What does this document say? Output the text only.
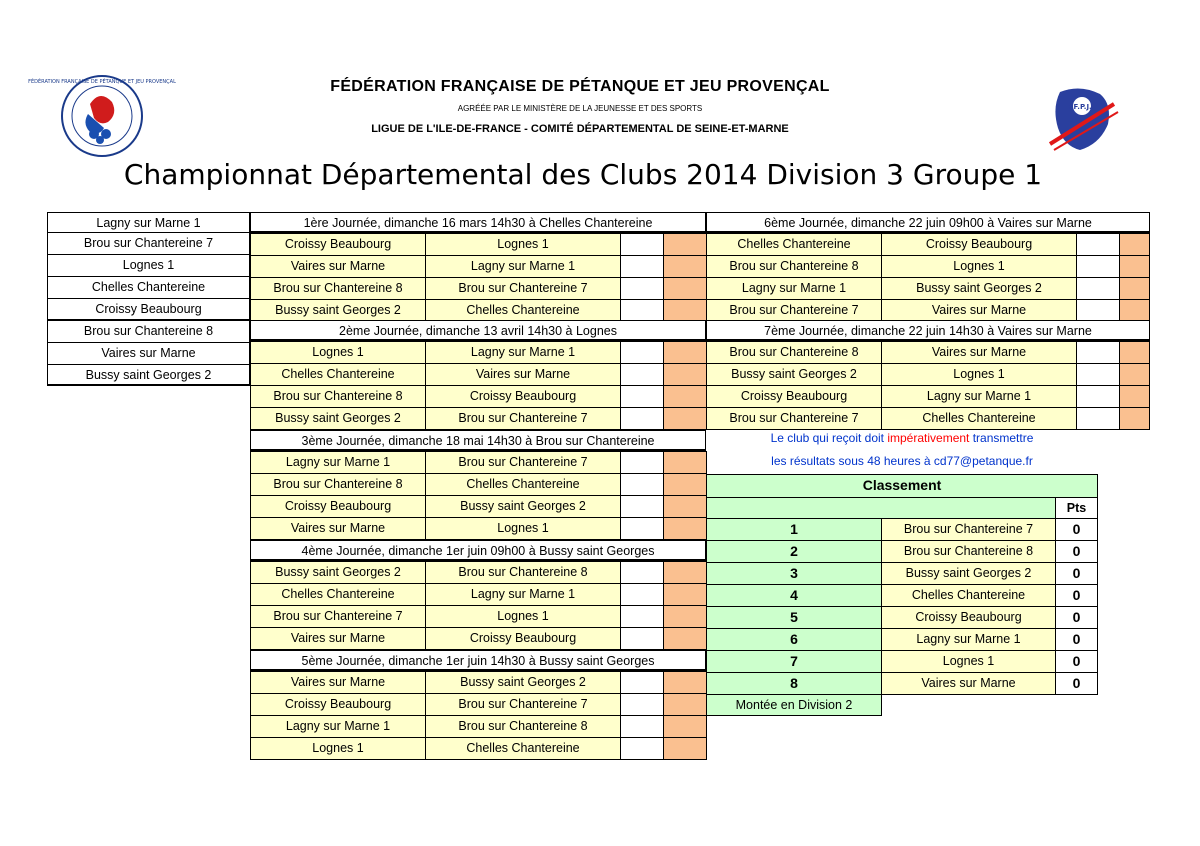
FÉDÉRATION FRANÇAISE DE PÉTANQUE ET JEU PROVENÇAL
F.F.P.J.P
FÉDÉRATION FRANÇAISE DE PÉTANQUE ET JEU PROVENÇAL
AGRÉÉE PAR LE MINISTÈRE DE LA JEUNESSE ET DES SPORTS
LIGUE DE L'ILE-DE-FRANCE - COMITÉ DÉPARTEMENTAL DE SEINE-ET-MARNE
Championnat Départemental des Clubs 2014 Division 3 Groupe 1
Lagny sur Marne 1
Brou sur Chantereine 7
Lognes 1
Chelles Chantereine
Croissy Beaubourg
Brou sur Chantereine 8
Vaires sur Marne
Bussy saint Georges 2
1ère Journée, dimanche 16 mars 14h30 à Chelles Chantereine
Croissy Beaubourg	Lognes 1
Vaires sur Marne	Lagny sur Marne 1
Brou sur Chantereine 8	Brou sur Chantereine 7
Bussy saint Georges 2	Chelles Chantereine
2ème Journée, dimanche 13 avril 14h30 à Lognes
Lognes 1	Lagny sur Marne 1
Chelles Chantereine	Vaires sur Marne
Brou sur Chantereine 8	Croissy Beaubourg
Bussy saint Georges 2	Brou sur Chantereine 7
3ème Journée, dimanche 18 mai 14h30 à Brou sur Chantereine
Lagny sur Marne 1	Brou sur Chantereine 7
Brou sur Chantereine 8	Chelles Chantereine
Croissy Beaubourg	Bussy saint Georges 2
Vaires sur Marne	Lognes 1
4ème Journée, dimanche 1er juin 09h00 à Bussy saint Georges
Bussy saint Georges 2	Brou sur Chantereine 8
Chelles Chantereine	Lagny sur Marne 1
Brou sur Chantereine 7	Lognes 1
Vaires sur Marne	Croissy Beaubourg
5ème Journée, dimanche 1er juin 14h30 à Bussy saint Georges
Vaires sur Marne	Bussy saint Georges 2
Croissy Beaubourg	Brou sur Chantereine 7
Lagny sur Marne 1	Brou sur Chantereine 8
Lognes 1	Chelles Chantereine
6ème Journée, dimanche 22 juin 09h00 à Vaires sur Marne
Chelles Chantereine	Croissy Beaubourg
Brou sur Chantereine 8	Lognes 1
Lagny sur Marne 1	Bussy saint Georges 2
Brou sur Chantereine 7	Vaires sur Marne
7ème Journée, dimanche 22 juin 14h30 à Vaires sur Marne
Brou sur Chantereine 8	Vaires sur Marne
Bussy saint Georges 2	Lognes 1
Croissy Beaubourg	Lagny sur Marne 1
Brou sur Chantereine 7	Chelles Chantereine
Le club qui reçoit doit impérativement transmettre
les résultats sous 48 heures à cd77@petanque.fr
Classement
Pts
1	Brou sur Chantereine 7	0
2	Brou sur Chantereine 8	0
3	Bussy saint Georges 2	0
4	Chelles Chantereine	0
5	Croissy Beaubourg	0
6	Lagny sur Marne 1	0
7	Lognes 1	0
8	Vaires sur Marne	0
Montée en Division 2
